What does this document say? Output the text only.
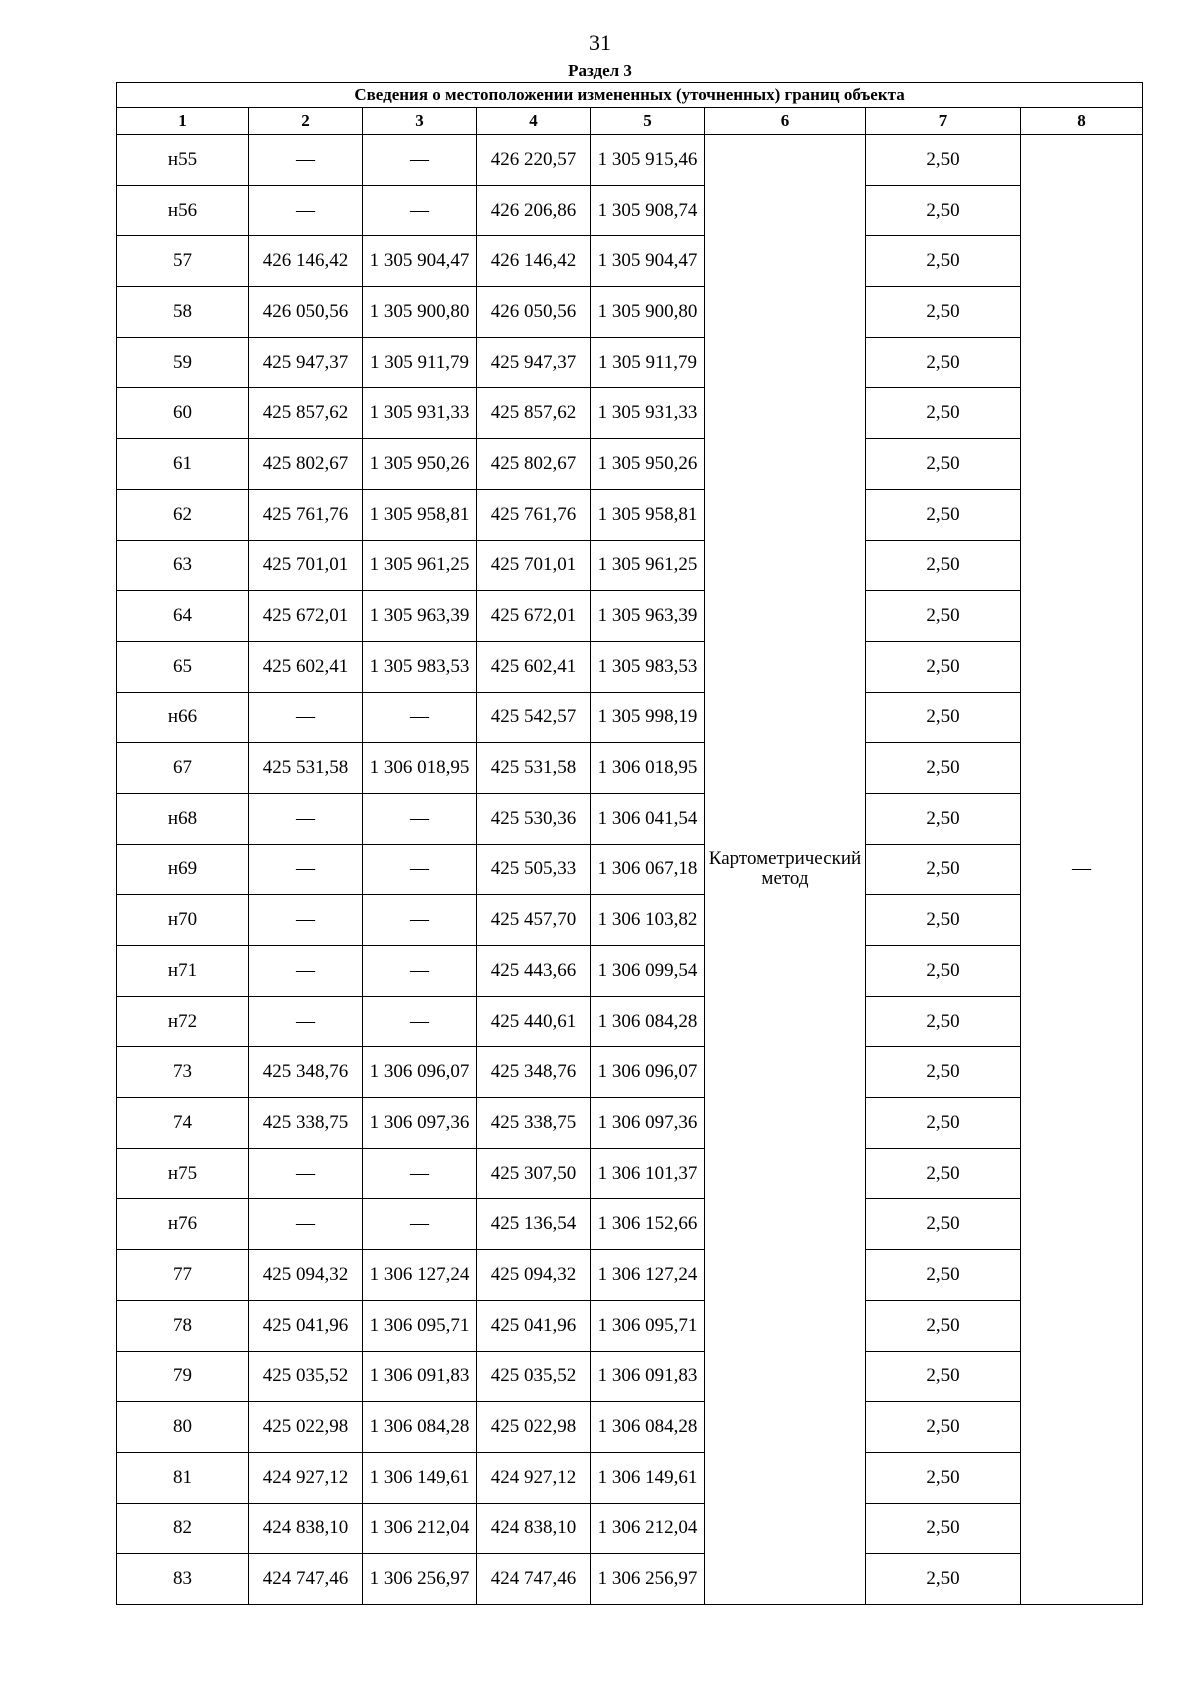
31
Раздел 3
Сведения о местоположении измененных (уточненных) границ объекта							
1	2	3	4	5	6	7	8
н55	—	—	426 220,57	1 305 915,46	Картометрический метод	2,50	—
н56	—	—	426 206,86	1 305 908,74		2,50	
57	426 146,42	1 305 904,47	426 146,42	1 305 904,47		2,50	
58	426 050,56	1 305 900,80	426 050,56	1 305 900,80		2,50	
59	425 947,37	1 305 911,79	425 947,37	1 305 911,79		2,50	
60	425 857,62	1 305 931,33	425 857,62	1 305 931,33		2,50	
61	425 802,67	1 305 950,26	425 802,67	1 305 950,26		2,50	
62	425 761,76	1 305 958,81	425 761,76	1 305 958,81		2,50	
63	425 701,01	1 305 961,25	425 701,01	1 305 961,25		2,50	
64	425 672,01	1 305 963,39	425 672,01	1 305 963,39		2,50	
65	425 602,41	1 305 983,53	425 602,41	1 305 983,53		2,50	
н66	—	—	425 542,57	1 305 998,19		2,50	
67	425 531,58	1 306 018,95	425 531,58	1 306 018,95		2,50	
н68	—	—	425 530,36	1 306 041,54		2,50	
н69	—	—	425 505,33	1 306 067,18		2,50	
н70	—	—	425 457,70	1 306 103,82		2,50	
н71	—	—	425 443,66	1 306 099,54		2,50	
н72	—	—	425 440,61	1 306 084,28		2,50	
73	425 348,76	1 306 096,07	425 348,76	1 306 096,07		2,50	
74	425 338,75	1 306 097,36	425 338,75	1 306 097,36		2,50	
н75	—	—	425 307,50	1 306 101,37		2,50	
н76	—	—	425 136,54	1 306 152,66		2,50	
77	425 094,32	1 306 127,24	425 094,32	1 306 127,24		2,50	
78	425 041,96	1 306 095,71	425 041,96	1 306 095,71		2,50	
79	425 035,52	1 306 091,83	425 035,52	1 306 091,83		2,50	
80	425 022,98	1 306 084,28	425 022,98	1 306 084,28		2,50	
81	424 927,12	1 306 149,61	424 927,12	1 306 149,61		2,50	
82	424 838,10	1 306 212,04	424 838,10	1 306 212,04		2,50	
83	424 747,46	1 306 256,97	424 747,46	1 306 256,97		2,50	
